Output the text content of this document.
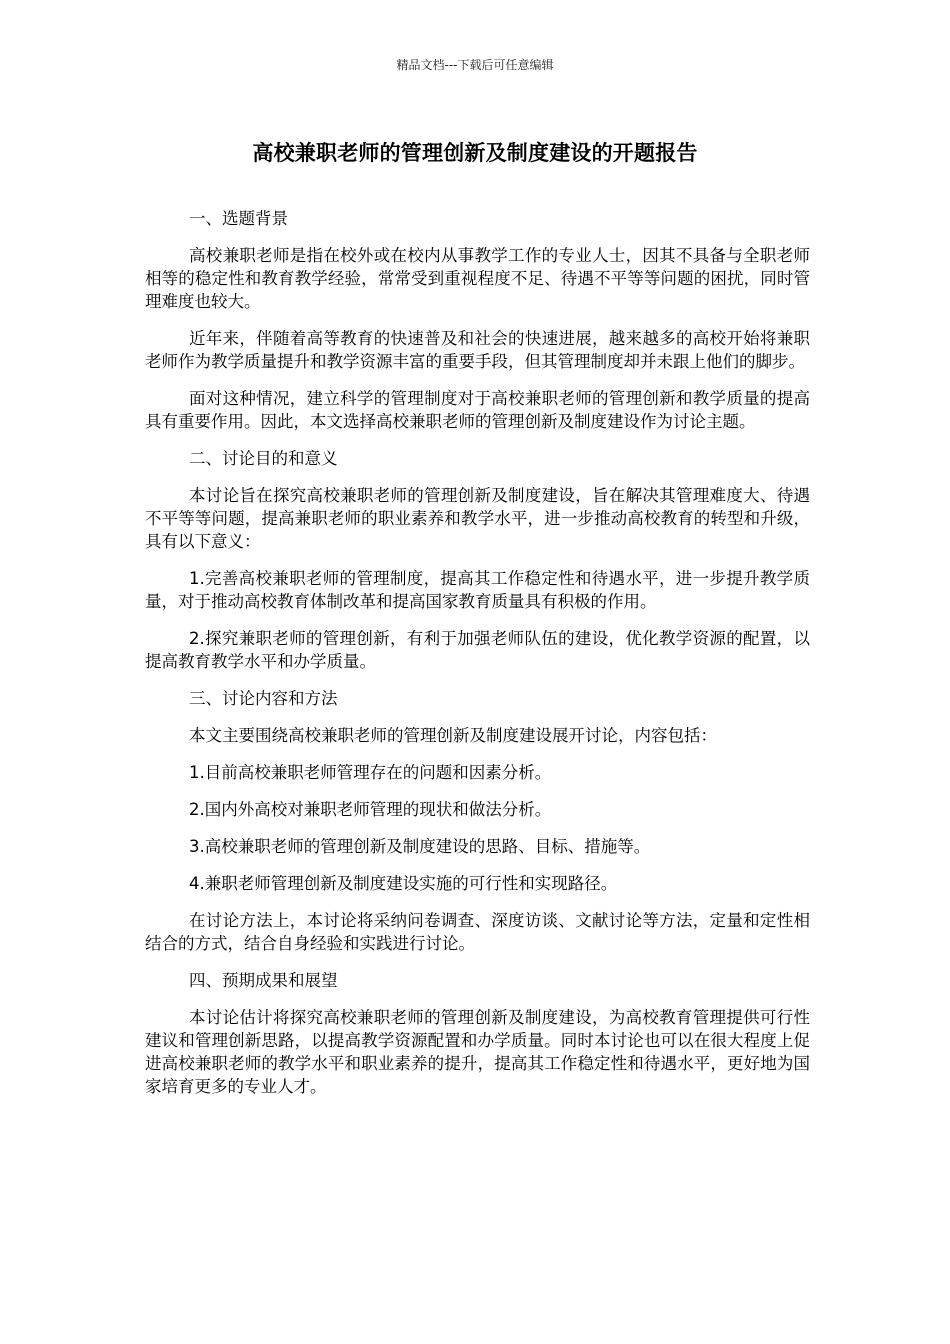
精品文档---下载后可任意编辑
高校兼职老师的管理创新及制度建设的开题报告
一、选题背景

高校兼职老师是指在校外或在校内从事教学工作的专业人士，因其不具备与全职老师相等的稳定性和教育教学经验，常常受到重视程度不足、待遇不平等等问题的困扰，同时管理难度也较大。

近年来，伴随着高等教育的快速普及和社会的快速进展，越来越多的高校开始将兼职老师作为教学质量提升和教学资源丰富的重要手段，但其管理制度却并未跟上他们的脚步。

面对这种情况，建立科学的管理制度对于高校兼职老师的管理创新和教学质量的提高具有重要作用。因此，本文选择高校兼职老师的管理创新及制度建设作为讨论主题。

二、讨论目的和意义

本讨论旨在探究高校兼职老师的管理创新及制度建设，旨在解决其管理难度大、待遇不平等等问题，提高兼职老师的职业素养和教学水平，进一步推动高校教育的转型和升级，具有以下意义：

1.完善高校兼职老师的管理制度，提高其工作稳定性和待遇水平，进一步提升教学质量，对于推动高校教育体制改革和提高国家教育质量具有积极的作用。

2.探究兼职老师的管理创新，有利于加强老师队伍的建设，优化教学资源的配置，以提高教育教学水平和办学质量。

三、讨论内容和方法

本文主要围绕高校兼职老师的管理创新及制度建设展开讨论，内容包括：

1.目前高校兼职老师管理存在的问题和因素分析。

2.国内外高校对兼职老师管理的现状和做法分析。

3.高校兼职老师的管理创新及制度建设的思路、目标、措施等。

4.兼职老师管理创新及制度建设实施的可行性和实现路径。

在讨论方法上，本讨论将采纳问卷调查、深度访谈、文献讨论等方法，定量和定性相结合的方式，结合自身经验和实践进行讨论。

四、预期成果和展望

本讨论估计将探究高校兼职老师的管理创新及制度建设，为高校教育管理提供可行性建议和管理创新思路，以提高教学资源配置和办学质量。同时本讨论也可以在很大程度上促进高校兼职老师的教学水平和职业素养的提升，提高其工作稳定性和待遇水平，更好地为国家培育更多的专业人才。
